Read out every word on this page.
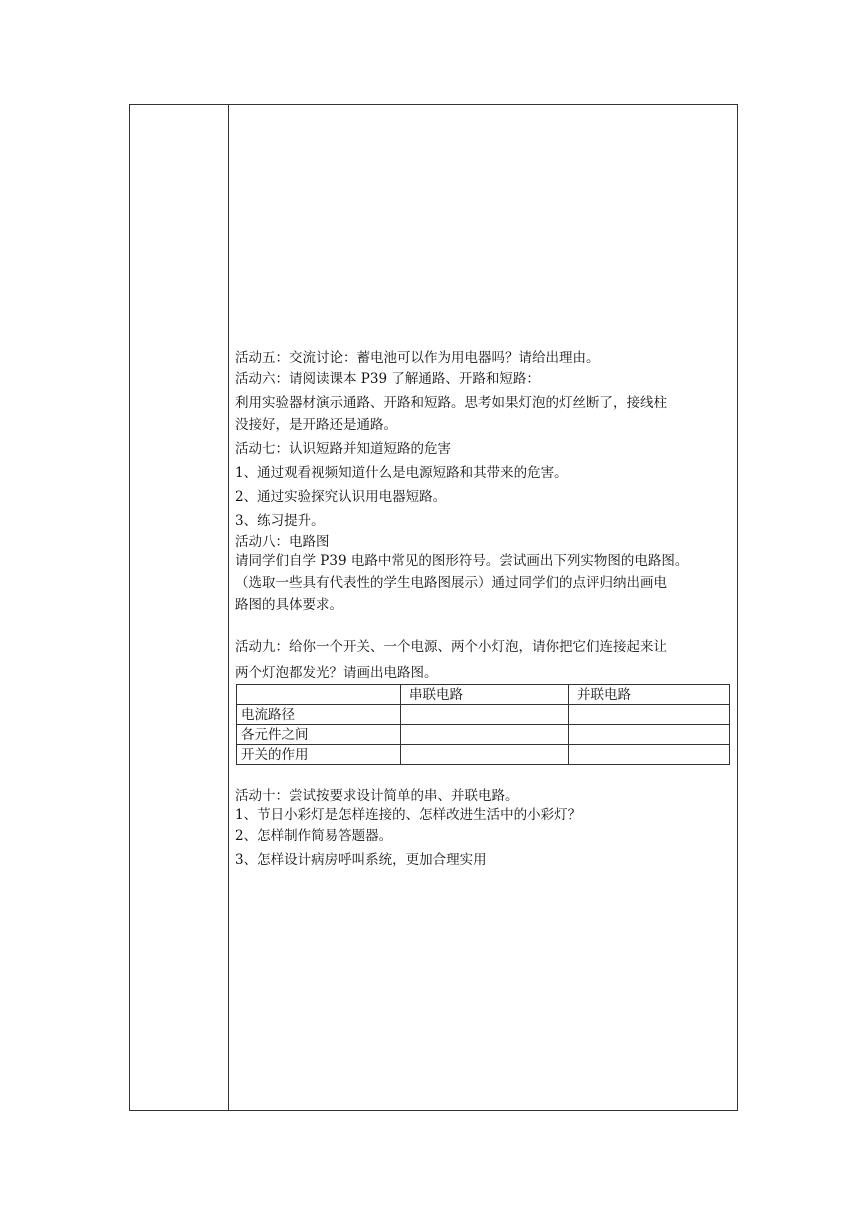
活动五：交流讨论：蓄电池可以作为用电器吗？请给出理由。
活动六：请阅读课本 P39 了解通路、开路和短路：
利用实验器材演示通路、开路和短路。思考如果灯泡的灯丝断了，接线柱
没接好，是开路还是通路。
活动七：认识短路并知道短路的危害
1、通过观看视频知道什么是电源短路和其带来的危害。
2、通过实验探究认识用电器短路。
3、练习提升。
活动八：电路图
请同学们自学 P39 电路中常见的图形符号。尝试画出下列实物图的电路图。
（选取一些具有代表性的学生电路图展示）通过同学们的点评归纳出画电
路图的具体要求。
活动九：给你一个开关、一个电源、两个小灯泡，请你把它们连接起来让
两个灯泡都发光？请画出电路图。
	串联电路	并联电路
电流路径		
各元件之间		
开关的作用		
活动十：尝试按要求设计简单的串、并联电路。
1、节日小彩灯是怎样连接的、怎样改进生活中的小彩灯？
2、怎样制作简易答题器。
3、怎样设计病房呼叫系统，更加合理实用
